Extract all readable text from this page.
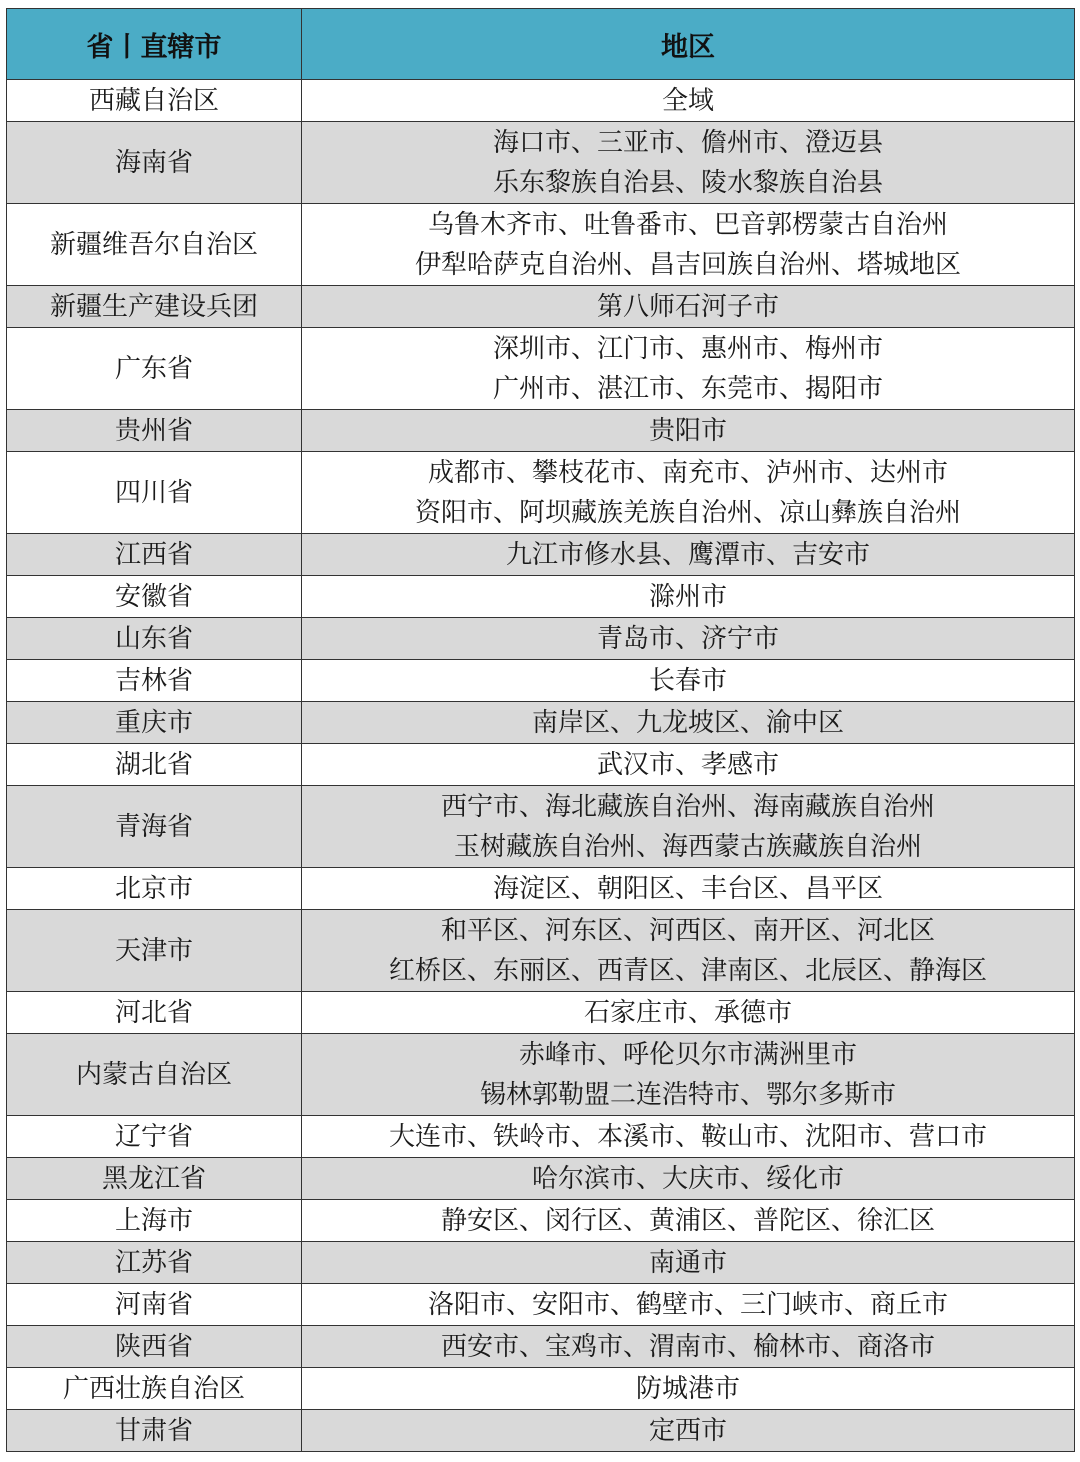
省丨直辖市	地区
西藏自治区	全域

海南省	海口市、三亚市、儋州市、澄迈县
乐东黎族自治县、陵水黎族自治县

新疆维吾尔自治区	乌鲁木齐市、吐鲁番市、巴音郭楞蒙古自治州
伊犁哈萨克自治州、昌吉回族自治州、塔城地区

新疆生产建设兵团	第八师石河子市

广东省	深圳市、江门市、惠州市、梅州市
广州市、湛江市、东莞市、揭阳市

贵州省	贵阳市

四川省	成都市、攀枝花市、南充市、泸州市、达州市
资阳市、阿坝藏族羌族自治州、凉山彝族自治州

江西省	九江市修水县、鹰潭市、吉安市

安徽省	滁州市

山东省	青岛市、济宁市

吉林省	长春市

重庆市	南岸区、九龙坡区、渝中区

湖北省	武汉市、孝感市

青海省	西宁市、海北藏族自治州、海南藏族自治州
玉树藏族自治州、海西蒙古族藏族自治州

北京市	海淀区、朝阳区、丰台区、昌平区

天津市	和平区、河东区、河西区、南开区、河北区
红桥区、东丽区、西青区、津南区、北辰区、静海区

河北省	石家庄市、承德市

内蒙古自治区	赤峰市、呼伦贝尔市满洲里市
锡林郭勒盟二连浩特市、鄂尔多斯市

辽宁省	大连市、铁岭市、本溪市、鞍山市、沈阳市、营口市

黑龙江省	哈尔滨市、大庆市、绥化市

上海市	静安区、闵行区、黄浦区、普陀区、徐汇区

江苏省	南通市

河南省	洛阳市、安阳市、鹤壁市、三门峡市、商丘市

陕西省	西安市、宝鸡市、渭南市、榆林市、商洛市

广西壮族自治区	防城港市

甘肃省	定西市
